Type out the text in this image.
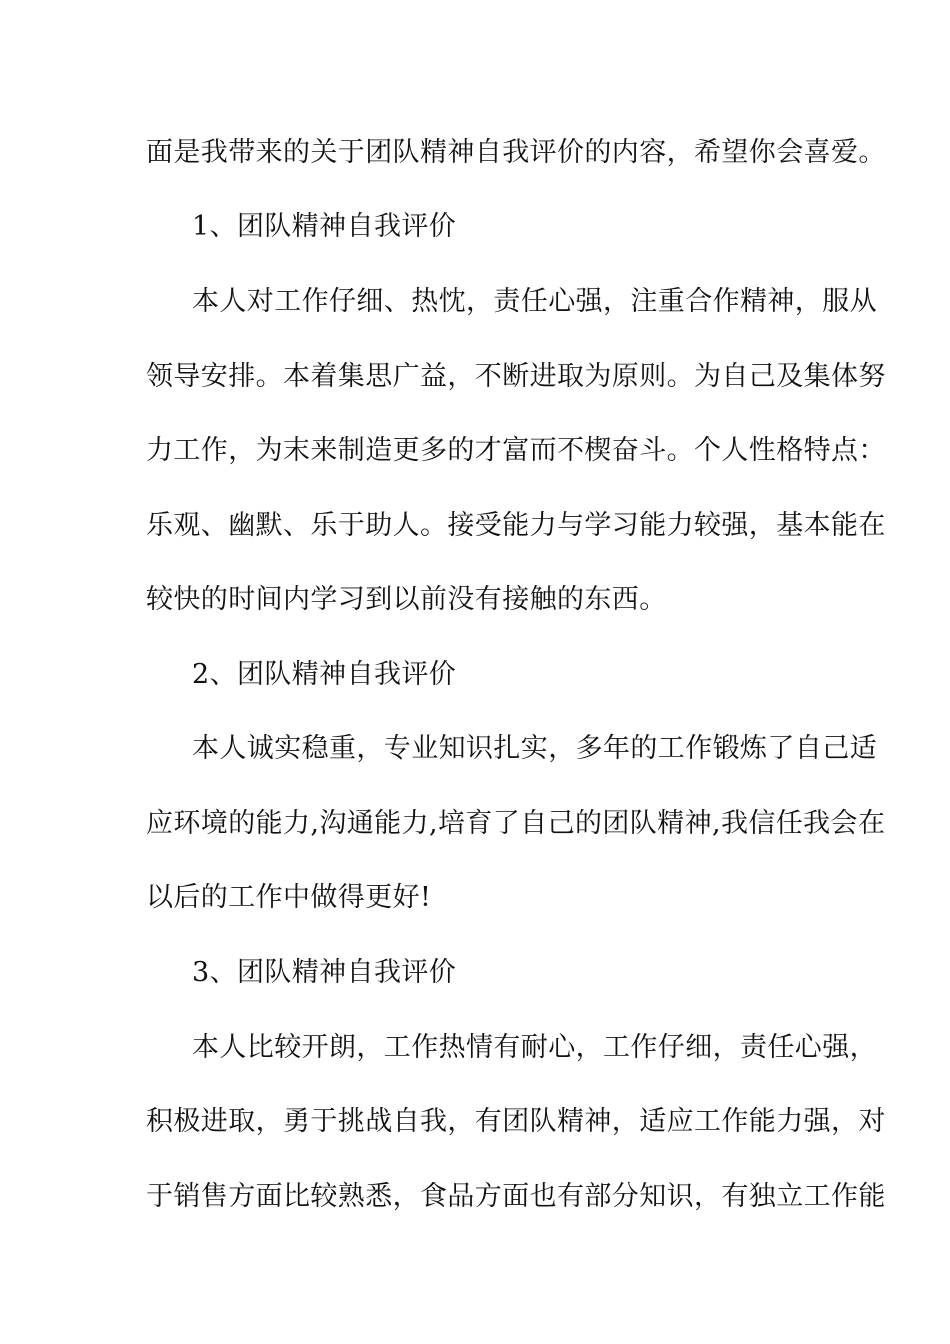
面是我带来的关于团队精神自我评价的内容，希望你会喜爱。
1、团队精神自我评价
本人对工作仔细、热忱，责任心强，注重合作精神，服从
领导安排。本着集思广益，不断进取为原则。为自己及集体努
力工作，为末来制造更多的才富而不楔奋斗。个人性格特点：
乐观、幽默、乐于助人。接受能力与学习能力较强，基本能在
较快的时间内学习到以前没有接触的东西。
2、团队精神自我评价
本人诚实稳重，专业知识扎实，多年的工作锻炼了自己适
应环境的能力,沟通能力,培育了自己的团队精神,我信任我会在
以后的工作中做得更好!
3、团队精神自我评价
本人比较开朗，工作热情有耐心，工作仔细，责任心强，
积极进取，勇于挑战自我，有团队精神，适应工作能力强，对
于销售方面比较熟悉，食品方面也有部分知识，有独立工作能
